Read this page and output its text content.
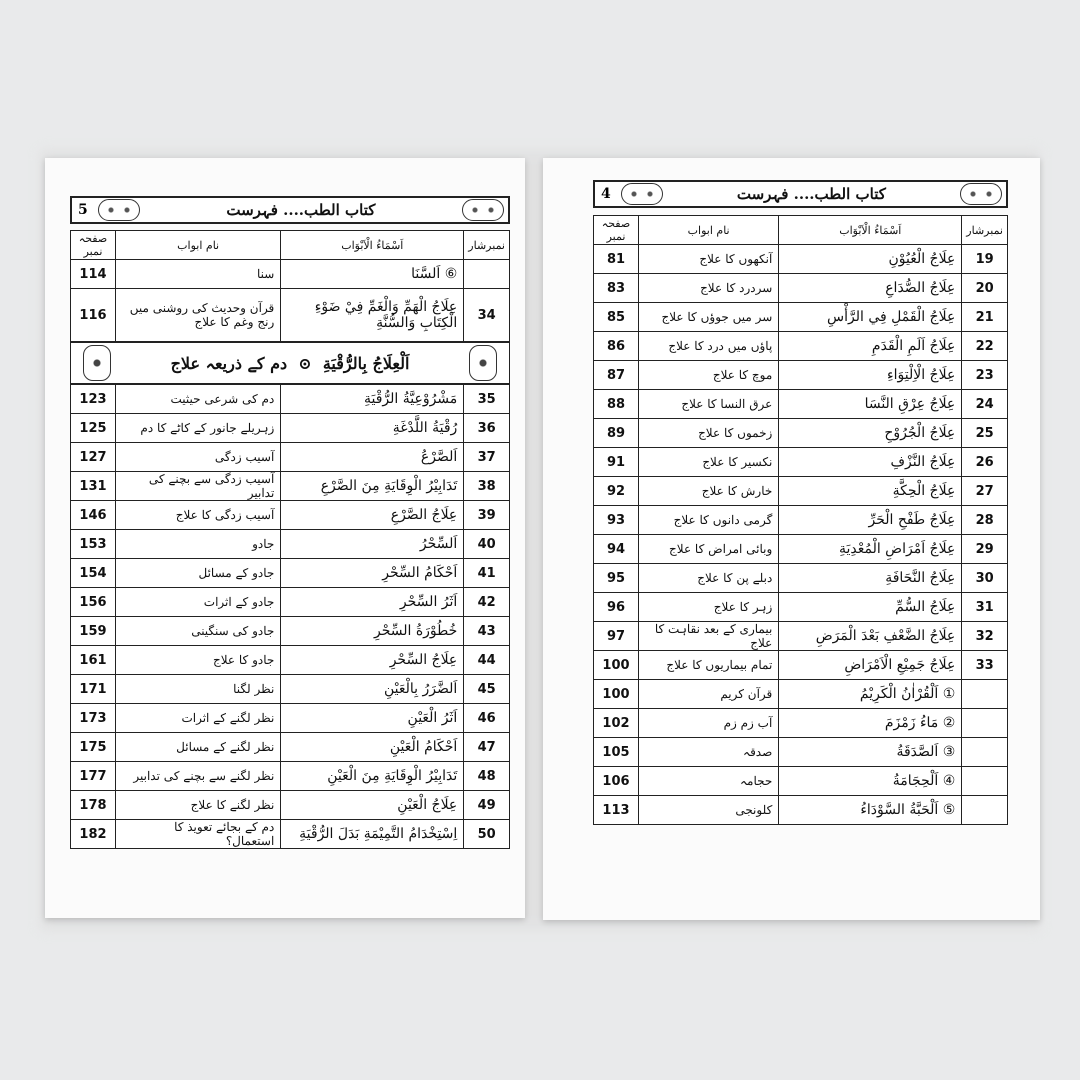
کتاب الطب.... فہرست
5
نمبرشار	اَسْمَاءُ الْاَبْوَاب	نام ابواب	صفحہ نمبر
	⑥ اَلسَّنَا	سنا	114
34	عِلَاجُ الْهَمِّ وَالْغَمِّ فِيْ ضَوْءِ الْكِتَابِ وَالسُّنَّةِ	قرآن وحدیث کی روشنی میں رنج وغم کا علاج	116

اَلْعِلَاجُ بِالرُّقْيَةِ  ⊙  دم کے ذریعہ علاج			

35	مَشْرُوْعِيَّةُ الرُّقْيَةِ	دم کی شرعی حیثیت	123
36	رُقْيَةُ اللَّدْغَةِ	زہریلے جانور کے کاٹے کا دم	125
37	اَلصَّرْعُ	آسیب زدگی	127
38	تَدَابِيْرُ الْوِقَايَةِ مِنَ الصَّرْعِ	آسیب زدگی سے بچنے کی تدابیر	131
39	عِلَاجُ الصَّرْعِ	آسیب زدگی کا علاج	146
40	اَلسِّحْرُ	جادو	153
41	اَحْكَامُ السِّحْرِ	جادو کے مسائل	154
42	اَثَرُ السِّحْرِ	جادو کے اثرات	156
43	خُطُوْرَةُ السِّحْرِ	جادو کی سنگینی	159
44	عِلَاجُ السِّحْرِ	جادو کا علاج	161
45	اَلضَّرَرُ بِالْعَيْنِ	نظر لگنا	171
46	اَثَرُ الْعَيْنِ	نظر لگنے کے اثرات	173
47	اَحْكَامُ الْعَيْنِ	نظر لگنے کے مسائل	175
48	تَدَابِيْرُ الْوِقَايَةِ مِنَ الْعَيْنِ	نظر لگنے سے بچنے کی تدابیر	177
49	عِلَاجُ الْعَيْنِ	نظر لگنے کا علاج	178
50	اِسْتِخْدَامُ التَّمِيْمَةِ بَدَلَ الرُّقْيَةِ	دم کے بجائے تعویذ کا استعمال؟	182
کتاب الطب.... فہرست
4
نمبرشار	اَسْمَاءُ الْاَبْوَاب	نام ابواب	صفحہ نمبر
19	عِلَاجُ الْعُيُوْنِ	آنکھوں کا علاج	81
20	عِلَاجُ الصُّدَاعِ	سردرد کا علاج	83
21	عِلَاجُ الْقَمْلِ فِي الرَّأْسِ	سر میں جوؤں کا علاج	85
22	عِلَاجُ اَلَمِ الْقَدَمِ	پاؤں میں درد کا علاج	86
23	عِلَاجُ الْاِلْتِوَاءِ	موچ کا علاج	87
24	عِلَاجُ عِرْقِ النَّسَا	عرق النسا کا علاج	88
25	عِلَاجُ الْجُرُوْحِ	زخموں کا علاج	89
26	عِلَاجُ النَّزْفِ	نکسیر کا علاج	91
27	عِلَاجُ الْحِكَّةِ	خارش کا علاج	92
28	عِلَاجُ طَفْحِ الْحَرِّ	گرمی دانوں کا علاج	93
29	عِلَاجُ اَمْرَاضِ الْمُعْدِيَةِ	وبائی امراض کا علاج	94
30	عِلَاجُ النَّحَافَةِ	دبلے پن کا علاج	95
31	عِلَاجُ السُّمِّ	زہر کا علاج	96
32	عِلَاجُ الضَّعْفِ بَعْدَ الْمَرَضِ	بیماری کے بعد نقاہت کا علاج	97
33	عِلَاجُ جَمِيْعِ الْاَمْرَاضِ	تمام بیماریوں کا علاج	100
	① اَلْقُرْاٰنُ الْكَرِيْمُ	قرآن کریم	100
	② مَاءُ زَمْزَمَ	آب زم زم	102
	③ اَلصَّدَقَةُ	صدقہ	105
	④ اَلْحِجَامَةُ	حجامہ	106
	⑤ اَلْحَبَّةُ السَّوْدَاءُ	کلونجی	113
